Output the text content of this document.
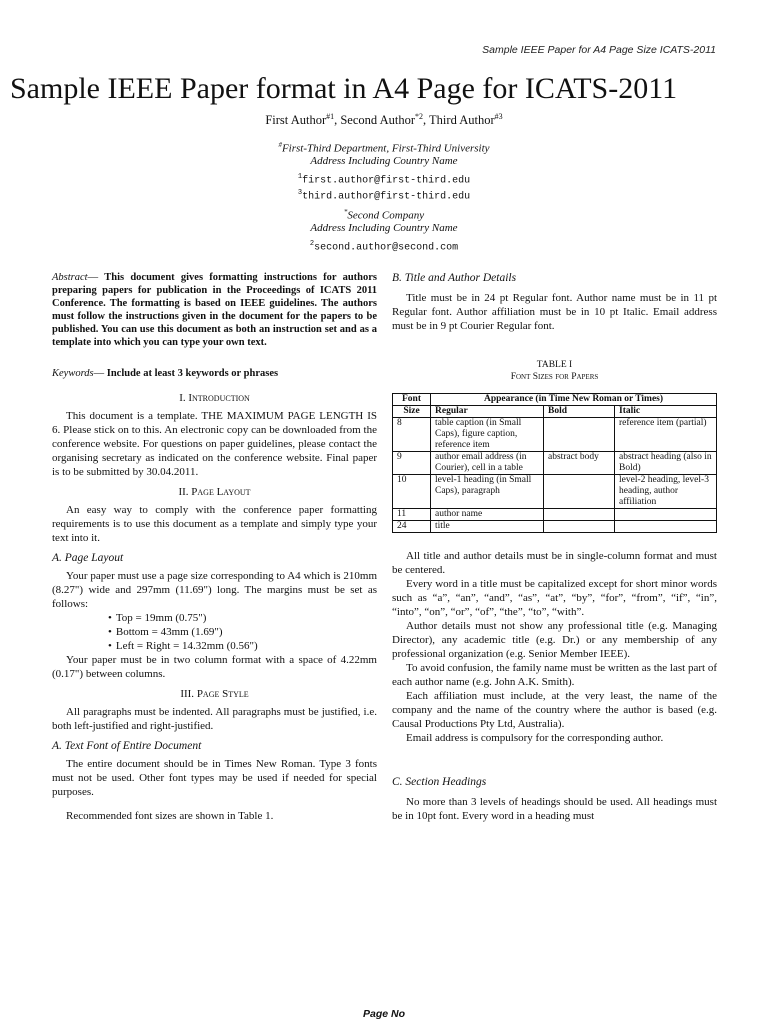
Sample IEEE Paper for A4 Page Size ICATS-2011
Sample IEEE Paper format in A4 Page for ICATS-2011
First Author$^{\#1}$, Second Author$^{*2}$, Third Author$^{\#3}$
#First-Third Department, First-Third University
Address Including Country Name
$^1$first.author@first-third.edu
$^3$third.author@first-third.edu
*Second Company
Address Including Country Name
$^2$second.author@second.com
Abstract— This document gives formatting instructions for authors preparing papers for publication in the Proceedings of ICATS 2011 Conference. The formatting is based on IEEE guidelines. The authors must follow the instructions given in the document for the papers to be published. You can use this document as both an instruction set and as a template into which you can type your own text.
Keywords— Include at least 3 keywords or phrases
I. Introduction

This document is a template. THE MAXIMUM PAGE LENGTH IS 6. Please stick on to this. An electronic copy can be downloaded from the conference website. For questions on paper guidelines, please contact the organising secretary as indicated on the conference website. Final paper is to be submitted by 30.04.2011.

II. Page Layout

An easy way to comply with the conference paper formatting requirements is to use this document as a template and simply type your text into it.

A. Page Layout

Your paper must use a page size corresponding to A4 which is 210mm (8.27") wide and 297mm (11.69") long. The margins must be set as follows:

• Top = 19mm (0.75")
• Bottom = 43mm (1.69")
• Left = Right = 14.32mm (0.56")

Your paper must be in two column format with a space of 4.22mm (0.17") between columns.

III. Page Style

All paragraphs must be indented. All paragraphs must be justified, i.e. both left-justified and right-justified.

A. Text Font of Entire Document

The entire document should be in Times New Roman. Type 3 fonts must not be used. Other font types may be used if needed for special purposes.

Recommended font sizes are shown in Table 1.

B. Title and Author Details

Title must be in 24 pt Regular font. Author name must be in 11 pt Regular font. Author affiliation must be in 10 pt Italic. Email address must be in 9 pt Courier Regular font.

TABLE I
Font Sizes for Papers
Font	Appearance (in Time New Roman or Times)		
Size	Regular	Bold	Italic
8	table caption (in Small Caps), figure caption, reference item		reference item (partial)
9	author email address (in Courier), cell in a table	abstract body	abstract heading (also in Bold)
10	level-1 heading (in Small Caps), paragraph		level-2 heading, level-3 heading, author affiliation
11	author name		
24	title		

All title and author details must be in single-column format and must be centered.

Every word in a title must be capitalized except for short minor words such as “a”, “an”, “and”, “as”, “at”, “by”, “for”, “from”, “if”, “in”, “into”, “on”, “or”, “of”, “the”, “to”, “with”.

Author details must not show any professional title (e.g. Managing Director), any academic title (e.g. Dr.) or any membership of any professional organization (e.g. Senior Member IEEE).

To avoid confusion, the family name must be written as the last part of each author name (e.g. John A.K. Smith).

Each affiliation must include, at the very least, the name of the company and the name of the country where the author is based (e.g. Causal Productions Pty Ltd, Australia).

Email address is compulsory for the corresponding author.

C. Section Headings

No more than 3 levels of headings should be used. All headings must be in 10pt font. Every word in a heading must

Page No
